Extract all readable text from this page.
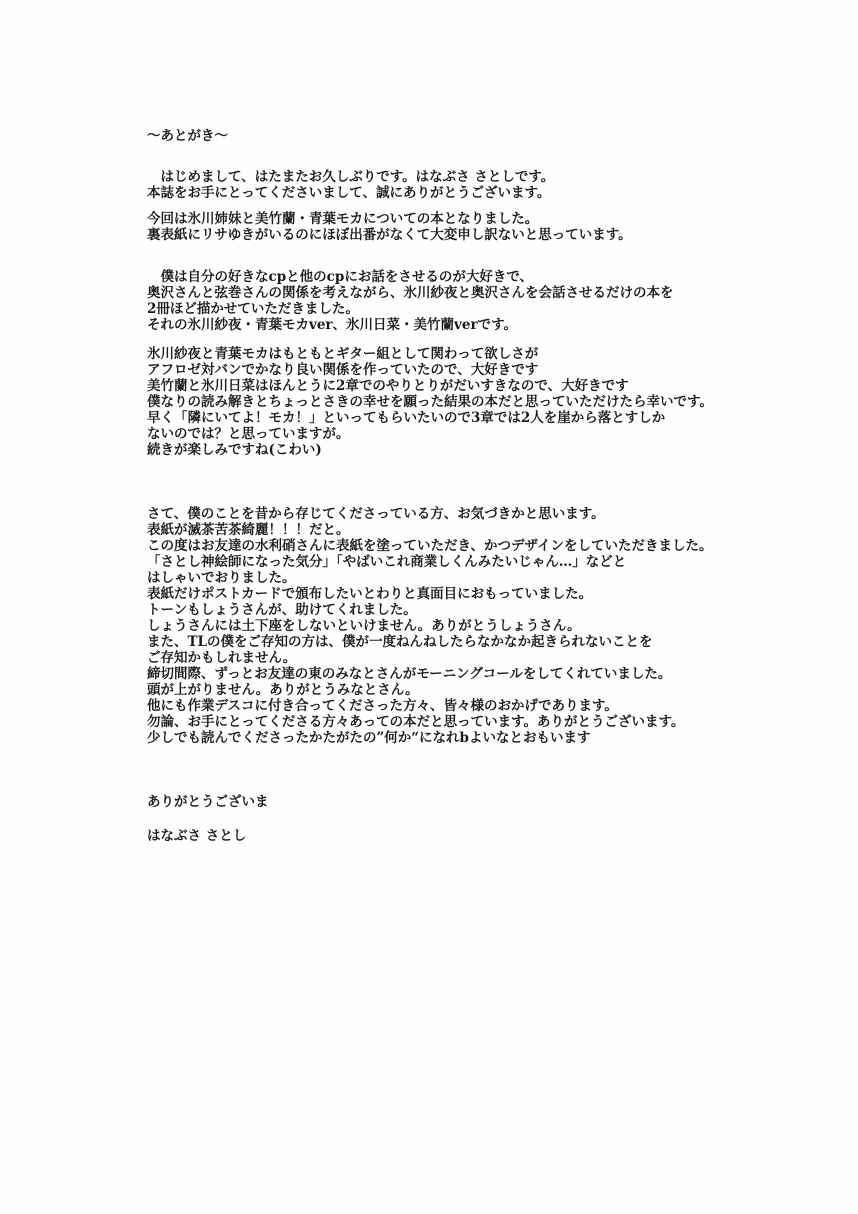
〜あとがき〜
　はじめまして、はたまたお久しぶりです。はなぶさ さとしです。
本誌をお手にとってくださいまして、誠にありがとうございます。
今回は氷川姉妹と美竹蘭・青葉モカについての本となりました。
裏表紙にリサゆきがいるのにほぼ出番がなくて大変申し訳ないと思っています。
　僕は自分の好きなcpと他のcpにお話をさせるのが大好きで、
奥沢さんと弦巻さんの関係を考えながら、氷川紗夜と奥沢さんを会話させるだけの本を
2冊ほど描かせていただきました。
それの氷川紗夜・青葉モカver、氷川日菜・美竹蘭verです。
氷川紗夜と青葉モカはもともとギター組として関わって欲しさが
アフロゼ対バンでかなり良い関係を作っていたので、大好きです
美竹蘭と氷川日菜はほんとうに2章でのやりとりがだいすきなので、大好きです
僕なりの読み解きとちょっとさきの幸せを願った結果の本だと思っていただけたら幸いです。
早く「隣にいてよ！モカ！」といってもらいたいので3章では2人を崖から落とすしか
ないのでは？と思っていますが。
続きが楽しみですね(こわい)
さて、僕のことを昔から存じてくださっている方、お気づきかと思います。
表紙が滅茶苦茶綺麗！！！だと。
この度はお友達の水利硝さんに表紙を塗っていただき、かつデザインをしていただきました。
「さとし神絵師になった気分」「やばいこれ商業しくんみたいじゃん…」などと
はしゃいでおりました。
表紙だけポストカードで頒布したいとわりと真面目におもっていました。
トーンもしょうさんが、助けてくれました。
しょうさんには土下座をしないといけません。ありがとうしょうさん。
また、TLの僕をご存知の方は、僕が一度ねんねしたらなかなか起きられないことを
ご存知かもしれません。
締切間際、ずっとお友達の東のみなとさんがモーニングコールをしてくれていました。
頭が上がりません。ありがとうみなとさん。
他にも作業デスコに付き合ってくださった方々、皆々様のおかげであります。
勿論、お手にとってくださる方々あっての本だと思っています。ありがとうございます。
少しでも読んでくださったかたがたの”何か“になれbよいなとおもいます
ありがとうございま
はなぶさ さとし
